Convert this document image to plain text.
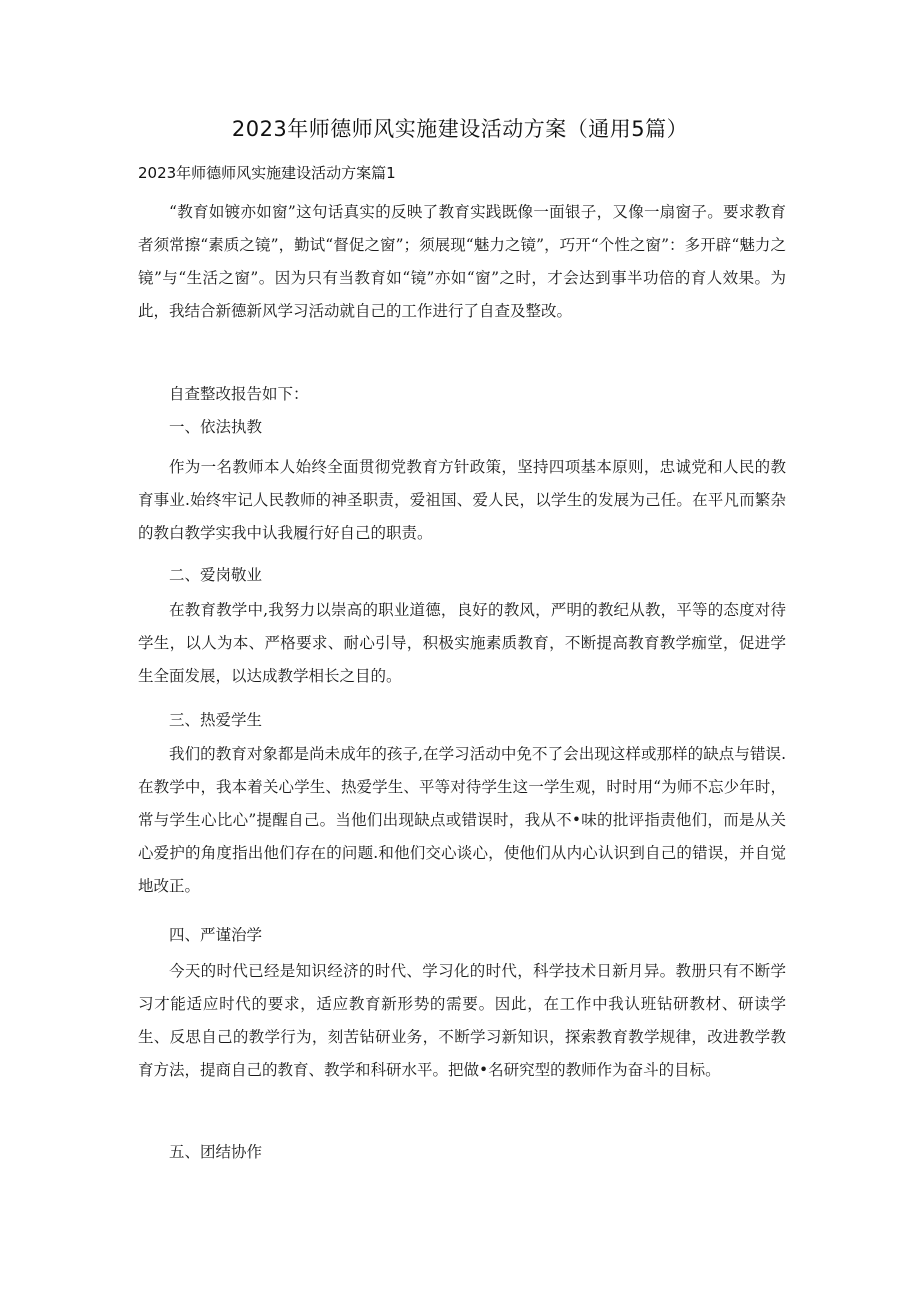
2023年师德师风实施建设活动方案（通用5篇）

2023年师德师风实施建设活动方案篇1

“教育如镀亦如窗”这句话真实的反映了教育实践既像一面银子，又像一扇窗子。要求教育者须常擦“素质之镜”，勤试“督促之窗”；须展现“魅力之镜”，巧开“个性之窗”：多开辟“魅力之镜”与“生活之窗”。因为只有当教育如“镜”亦如“窗”之时，才会达到事半功倍的育人效果。为此，我结合新德新风学习活动就自己的工作进行了自查及整改。

自查整改报告如下：

一、依法执教

作为一名教师本人始终全面贯彻党教育方针政策，坚持四项基本原则，忠诚党和人民的教育事业.始终牢记人民教师的神圣职责，爱祖国、爱人民，以学生的发展为己任。在平凡而繁杂的教白教学实我中认我履行好自己的职责。

二、爱岗敬业

在教育教学中,我努力以崇高的职业道德，良好的教风，严明的教纪从教，平等的态度对待学生，以人为本、严格要求、耐心引导，积极实施素质教育，不断提高教育教学痂堂，促进学生全面发展，以达成教学相长之目的。

三、热爱学生

我们的教育对象都是尚未成年的孩子,在学习活动中免不了会出现这样或那样的缺点与错误.在教学中，我本着关心学生、热爱学生、平等对待学生这一学生观，时时用“为师不忘少年时，常与学生心比心”提醒自己。当他们出现缺点或错误时，我从不•味的批评指责他们，而是从关心爱护的角度指出他们存在的问题.和他们交心谈心，使他们从内心认识到自己的错误，并自觉地改正。

四、严谨治学

今天的时代已经是知识经济的时代、学习化的时代，科学技术日新月异。教册只有不断学习才能适应时代的要求，适应教育新形势的需要。因此，在工作中我认班钻研教材、研读学生、反思自己的教学行为，刻苦钻研业务，不断学习新知识，探索教育教学规律，改进教学教育方法，提商自己的教育、教学和科研水平。把做•名研究型的教师作为奋斗的目标。

五、团结协作
